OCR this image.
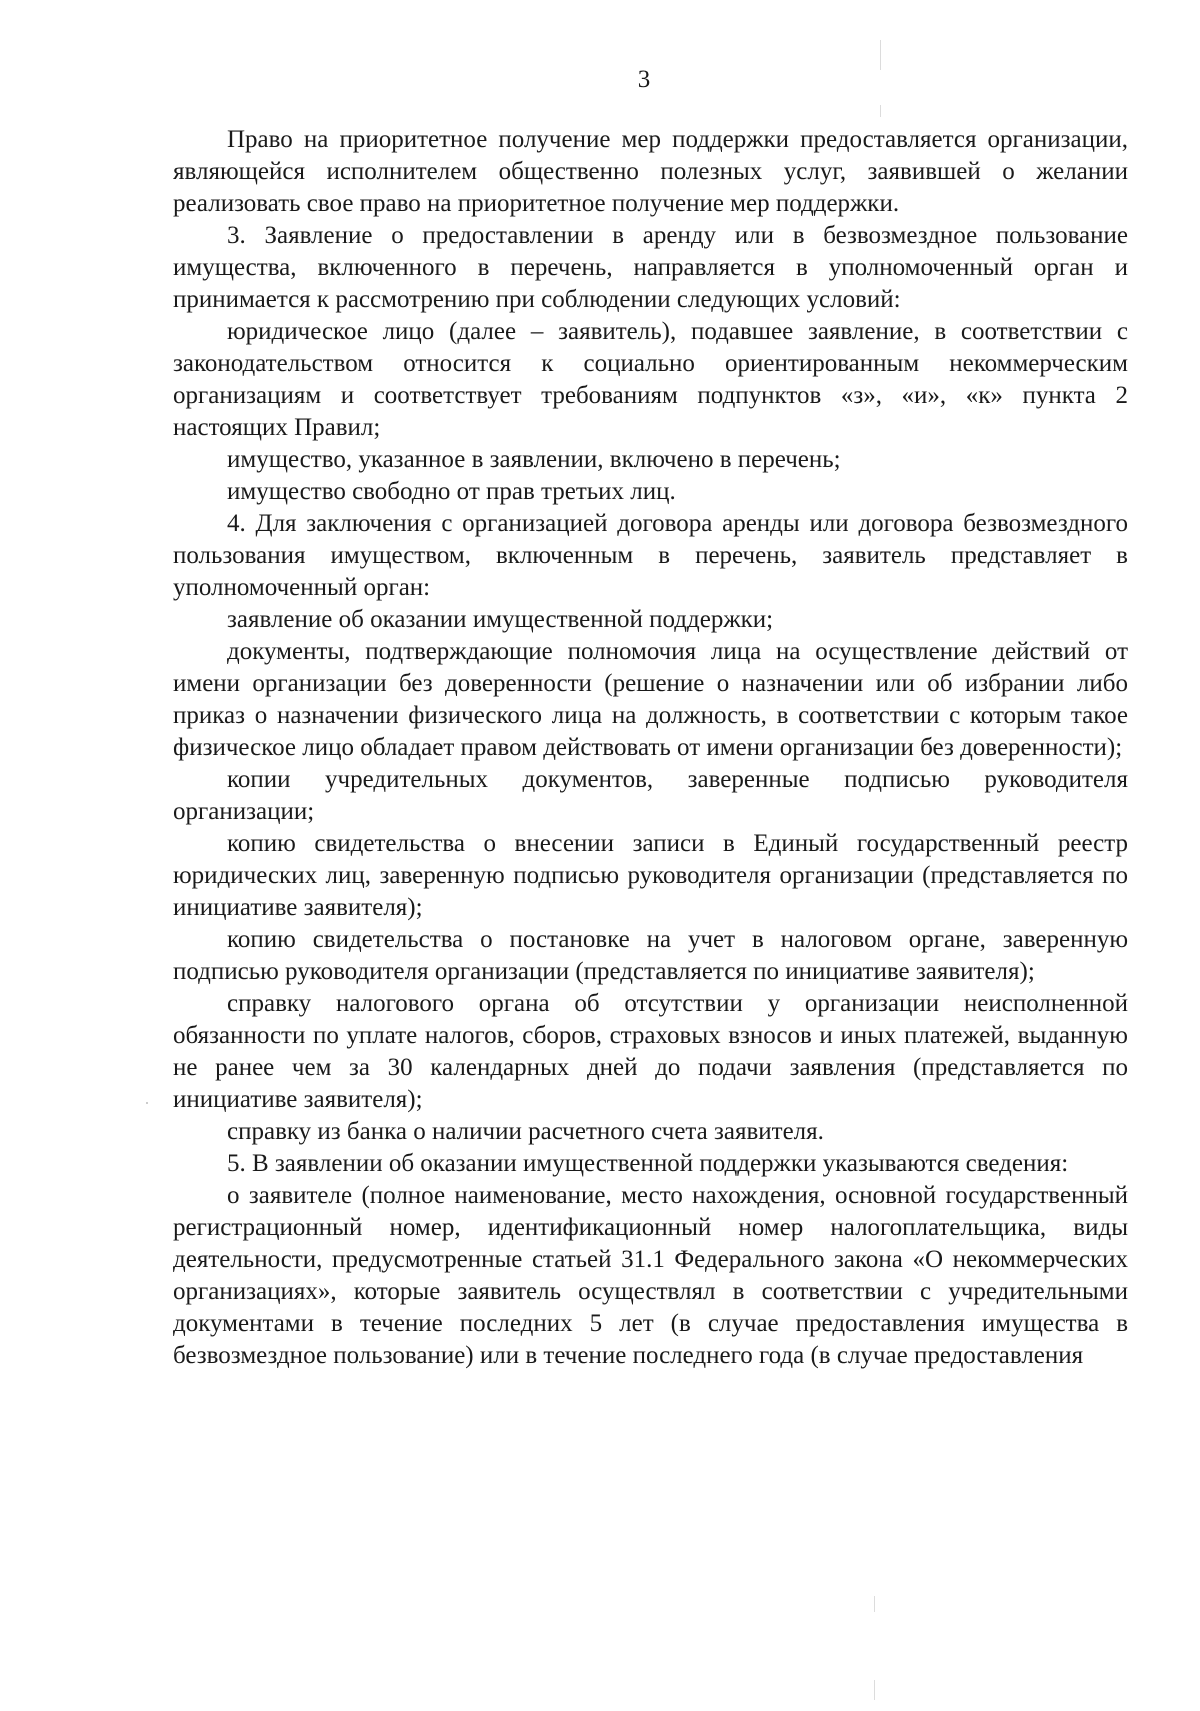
3

Право на приоритетное получение мер поддержки предоставляется организации, являющейся исполнителем общественно полезных услуг, заявившей о желании реализовать свое право на приоритетное получение мер поддержки.

3. Заявление о предоставлении в аренду или в безвозмездное пользование имущества, включенного в перечень, направляется в уполномоченный орган и принимается к рассмотрению при соблюдении следующих условий:

юридическое лицо (далее – заявитель), подавшее заявление, в соответствии с законодательством относится к социально ориентированным некоммерческим организациям и соответствует требованиям подпунктов «з», «и», «к» пункта 2 настоящих Правил;

имущество, указанное в заявлении, включено в перечень;

имущество свободно от прав третьих лиц.

4. Для заключения с организацией договора аренды или договора безвозмездного пользования имуществом, включенным в перечень, заявитель представляет в уполномоченный орган:

заявление об оказании имущественной поддержки;

документы, подтверждающие полномочия лица на осуществление действий от имени организации без доверенности (решение о назначении или об избрании либо приказ о назначении физического лица на должность, в соответствии с которым такое физическое лицо обладает правом действовать от имени организации без доверенности);

копии учредительных документов, заверенные подписью руководителя организации;

копию свидетельства о внесении записи в Единый государственный реестр юридических лиц, заверенную подписью руководителя организации (представляется по инициативе заявителя);

копию свидетельства о постановке на учет в налоговом органе, заверенную подписью руководителя организации (представляется по инициативе заявителя);

справку налогового органа об отсутствии у организации неисполненной обязанности по уплате налогов, сборов, страховых взносов и иных платежей, выданную не ранее чем за 30 календарных дней до подачи заявления (представляется по инициативе заявителя);

справку из банка о наличии расчетного счета заявителя.

5. В заявлении об оказании имущественной поддержки указываются сведения:

о заявителе (полное наименование, место нахождения, основной государственный регистрационный номер, идентификационный номер налогоплательщика, виды деятельности, предусмотренные статьей 31.1 Федерального закона «О некоммерческих организациях», которые заявитель осуществлял в соответствии с учредительными документами в течение последних 5 лет (в случае предоставления имущества в безвозмездное пользование) или в течение последнего года (в случае предоставления
